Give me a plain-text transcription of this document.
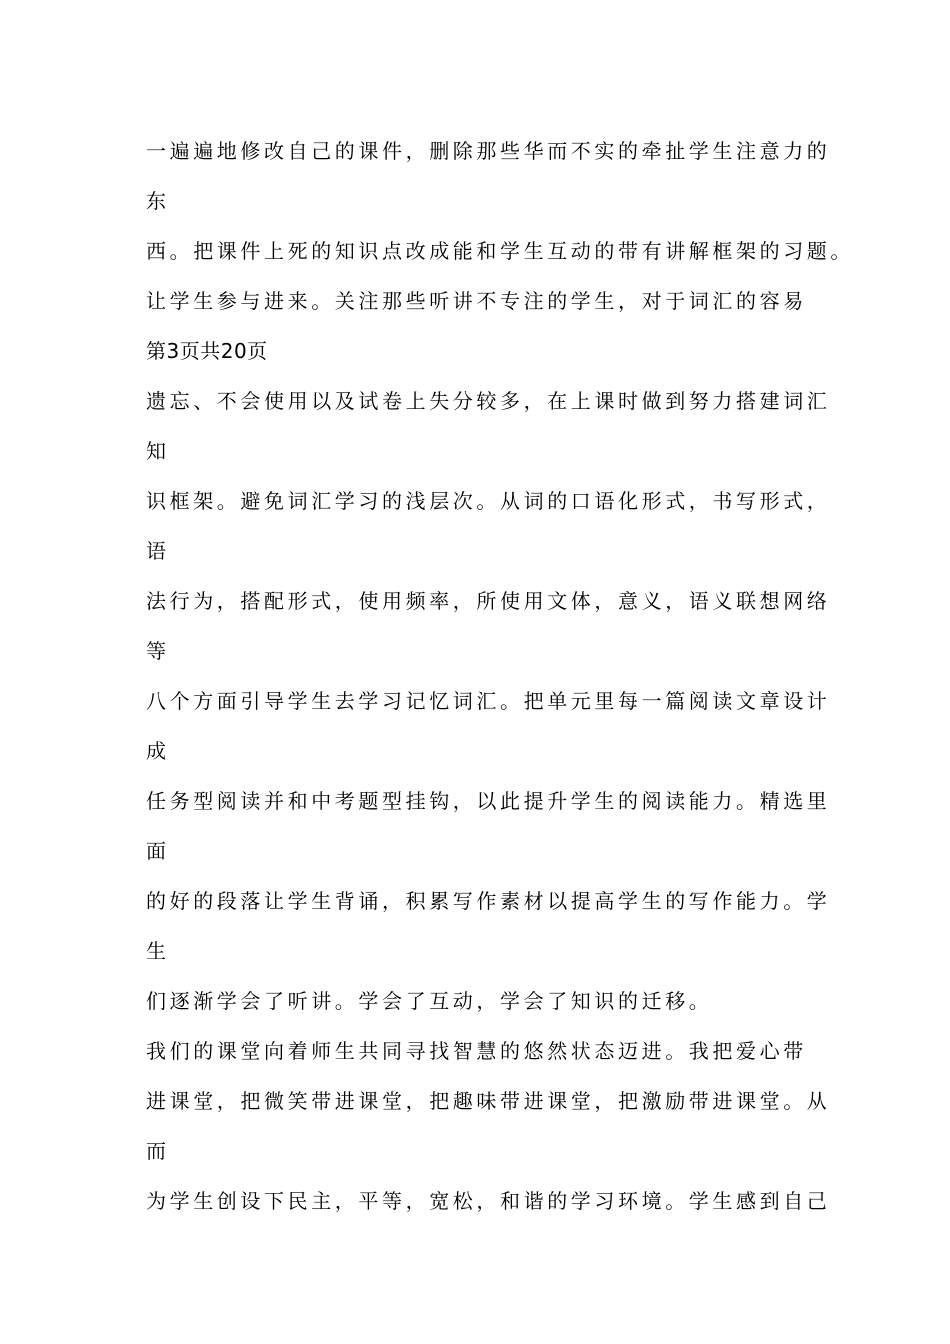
一遍遍地修改自己的课件，删除那些华而不实的牵扯学生注意力的
东
西。把课件上死的知识点改成能和学生互动的带有讲解框架的习题。
让学生参与进来。关注那些听讲不专注的学生，对于词汇的容易
第3页共20页
遗忘、不会使用以及试卷上失分较多，在上课时做到努力搭建词汇
知
识框架。避免词汇学习的浅层次。从词的口语化形式，书写形式，
语
法行为，搭配形式，使用频率，所使用文体，意义，语义联想网络
等
八个方面引导学生去学习记忆词汇。把单元里每一篇阅读文章设计
成
任务型阅读并和中考题型挂钩，以此提升学生的阅读能力。精选里
面
的好的段落让学生背诵，积累写作素材以提高学生的写作能力。学
生
们逐渐学会了听讲。学会了互动，学会了知识的迁移。
我们的课堂向着师生共同寻找智慧的悠然状态迈进。我把爱心带
进课堂，把微笑带进课堂，把趣味带进课堂，把激励带进课堂。从
而
为学生创设下民主，平等，宽松，和谐的学习环境。学生感到自己
